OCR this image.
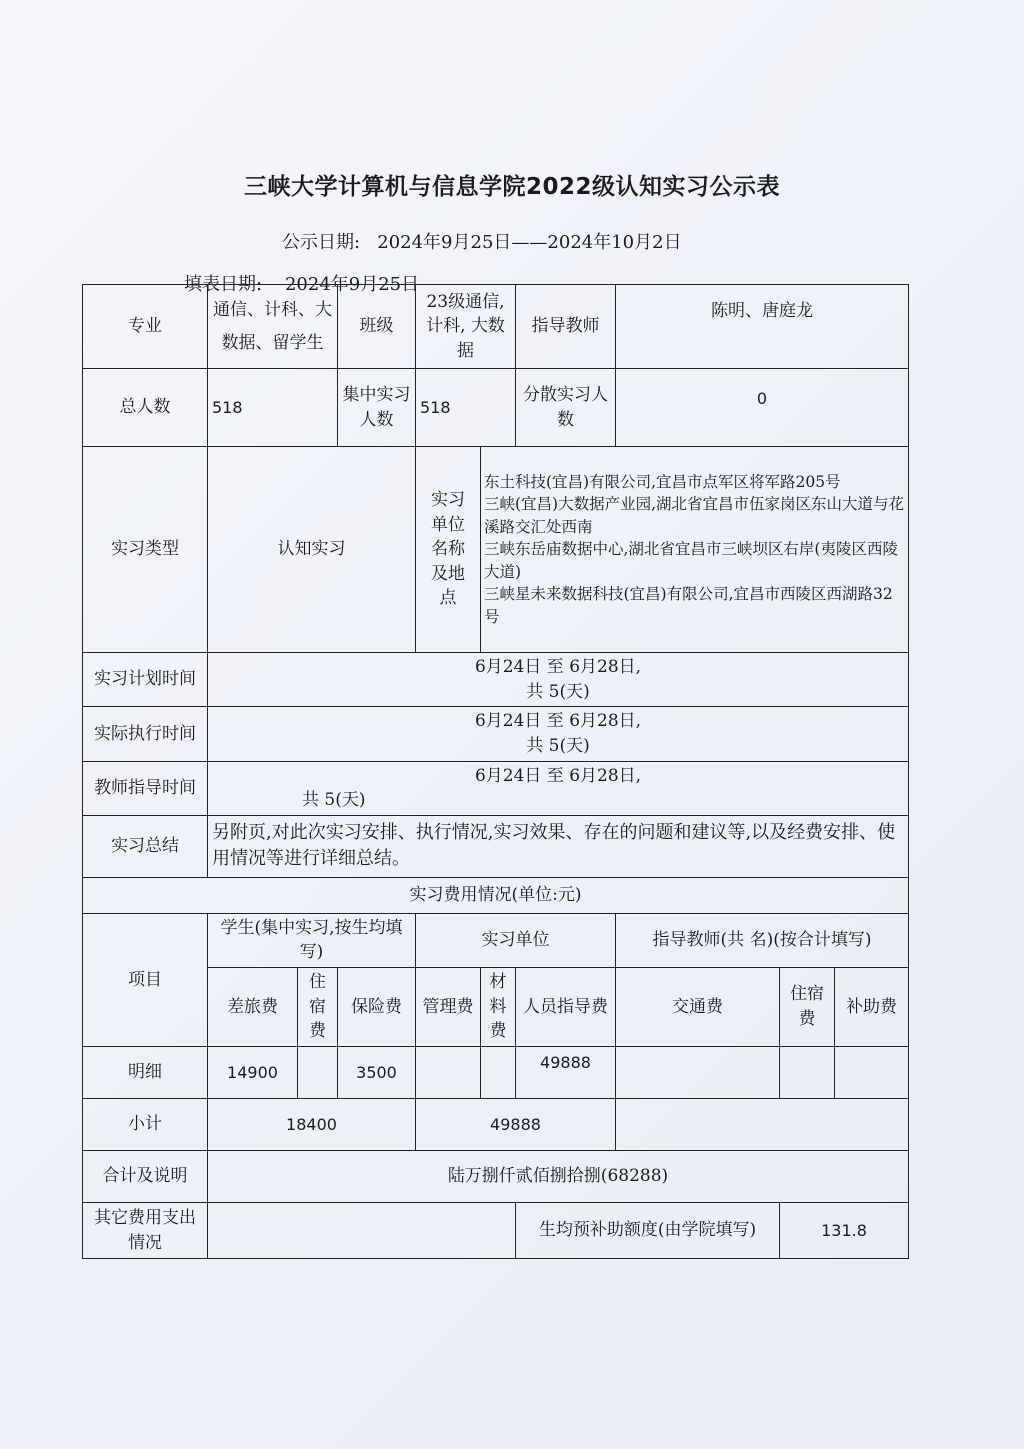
三峡大学计算机与信息学院2022级认知实习公示表
公示日期: 2024年9月25日——2024年10月2日
填表日期: 2024年9月25日
专业	通信、计科、大数据、留学生		班级	23级通信, 计科, 大数据		指导教师	陈明、唐庭龙		
总人数	518		集中实习人数	518		分散实习人数	0		
实习类型	认知实习			实习单位名称及地点	东土科技(宜昌)有限公司,宜昌市点军区将军路205号
三峡(宜昌)大数据产业园,湖北省宜昌市伍家岗区东山大道与花溪路交汇处西南
三峡东岳庙数据中心,湖北省宜昌市三峡坝区右岸(夷陵区西陵大道)
三峡星未来数据科技(宜昌)有限公司,宜昌市西陵区西湖路32号				

实习计划时间	6月24日 至 6月28日,
共 5(天)								

实际执行时间	6月24日 至 6月28日,
共 5(天)								

教师指导时间	6月24日 至 6月28日,
共 5(天)								

实习总结	另附页,对此次实习安排、执行情况,实习效果、存在的问题和建议等,以及经费安排、使用情况等进行详细总结。								
实习费用情况(单位:元)									
项目	学生(集中实习,按生均填写)			实习单位			指导教师(共 名)(按合计填写)		
	差旅费	住宿费	保险费	管理费	材料费	人员指导费	交通费	住宿费	补助费
明细	14900		3500			49888			
小计	18400			49888					
合计及说明	陆万捌仟贰佰捌拾捌(68288)								
其它费用支出情况						生均预补助额度(由学院填写)		131.8	
